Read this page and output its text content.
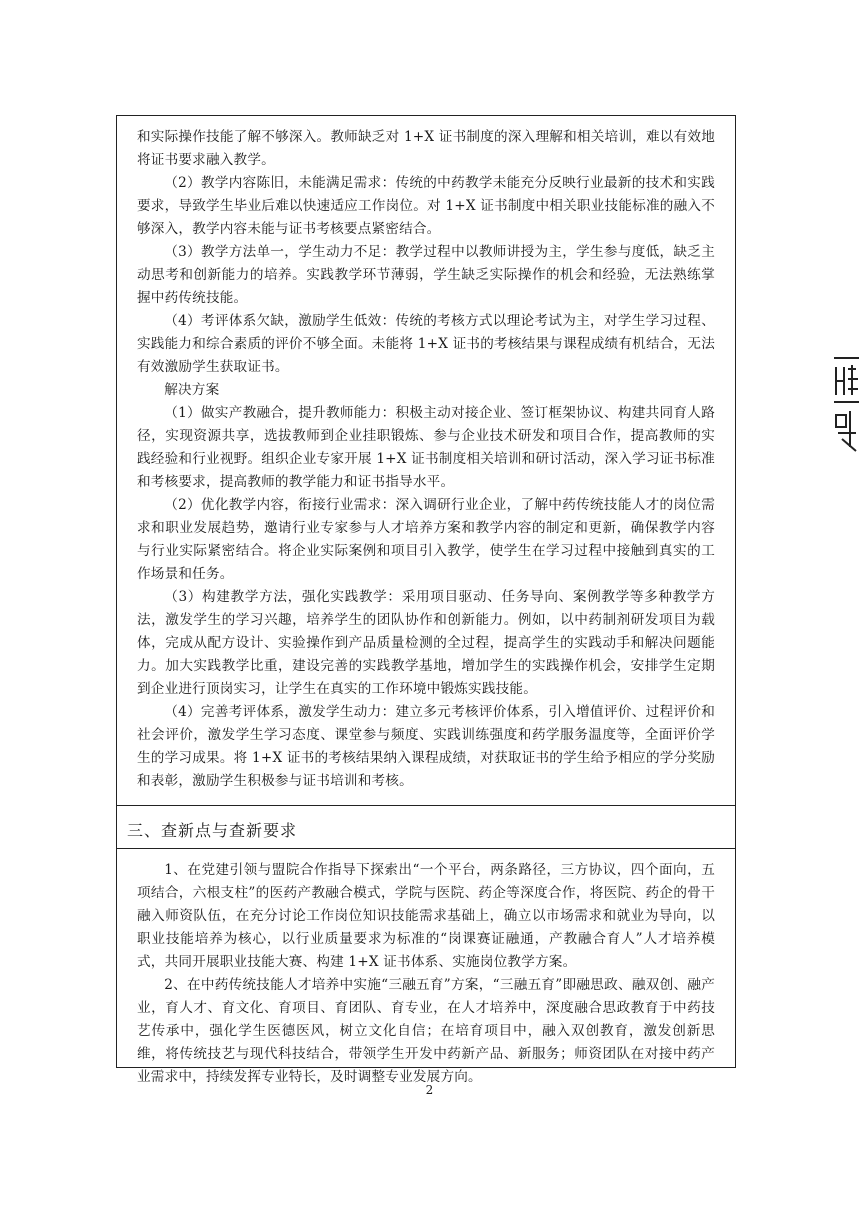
和实际操作技能了解不够深入。教师缺乏对 1+X 证书制度的深入理解和相关培训，难以有效地将证书要求融入教学。

（2）教学内容陈旧，未能满足需求：传统的中药教学未能充分反映行业最新的技术和实践要求，导致学生毕业后难以快速适应工作岗位。对 1+X 证书制度中相关职业技能标准的融入不够深入，教学内容未能与证书考核要点紧密结合。

（3）教学方法单一，学生动力不足：教学过程中以教师讲授为主，学生参与度低，缺乏主动思考和创新能力的培养。实践教学环节薄弱，学生缺乏实际操作的机会和经验，无法熟练掌握中药传统技能。

（4）考评体系欠缺，激励学生低效：传统的考核方式以理论考试为主，对学生学习过程、实践能力和综合素质的评价不够全面。未能将 1+X 证书的考核结果与课程成绩有机结合，无法有效激励学生获取证书。

解决方案

（1）做实产教融合，提升教师能力：积极主动对接企业、签订框架协议、构建共同育人路径，实现资源共享，选拔教师到企业挂职锻炼、参与企业技术研发和项目合作，提高教师的实践经验和行业视野。组织企业专家开展 1+X 证书制度相关培训和研讨活动，深入学习证书标准和考核要求，提高教师的教学能力和证书指导水平。

（2）优化教学内容，衔接行业需求：深入调研行业企业，了解中药传统技能人才的岗位需求和职业发展趋势，邀请行业专家参与人才培养方案和教学内容的制定和更新，确保教学内容与行业实际紧密结合。将企业实际案例和项目引入教学，使学生在学习过程中接触到真实的工作场景和任务。

（3）构建教学方法，强化实践教学：采用项目驱动、任务导向、案例教学等多种教学方法，激发学生的学习兴趣，培养学生的团队协作和创新能力。例如，以中药制剂研发项目为载体，完成从配方设计、实验操作到产品质量检测的全过程，提高学生的实践动手和解决问题能力。加大实践教学比重，建设完善的实践教学基地，增加学生的实践操作机会，安排学生定期到企业进行顶岗实习，让学生在真实的工作环境中锻炼实践技能。

（4）完善考评体系，激发学生动力：建立多元考核评价体系，引入增值评价、过程评价和社会评价，激发学生学习态度、课堂参与频度、实践训练强度和药学服务温度等，全面评价学生的学习成果。将 1+X 证书的考核结果纳入课程成绩，对获取证书的学生给予相应的学分奖励和表彰，激励学生积极参与证书培训和考核。

三、查新点与查新要求

1、在党建引领与盟院合作指导下探索出“一个平台，两条路径，三方协议，四个面向，五项结合，六根支柱”的医药产教融合模式，学院与医院、药企等深度合作，将医院、药企的骨干融入师资队伍，在充分讨论工作岗位知识技能需求基础上，确立以市场需求和就业为导向，以职业技能培养为核心，以行业质量要求为标准的“岗课赛证融通，产教融合育人”人才培养模式，共同开展职业技能大赛、构建 1+X 证书体系、实施岗位教学方案。

2、在中药传统技能人才培养中实施“三融五育”方案，“三融五育”即融思政、融双创、融产业，育人才、育文化、育项目、育团队、育专业，在人才培养中，深度融合思政教育于中药技艺传承中，强化学生医德医风，树立文化自信；在培育项目中，融入双创教育，激发创新思维，将传统技艺与现代科技结合，带领学生开发中药新产品、新服务；师资团队在对接中药产业需求中，持续发挥专业特长，及时调整专业发展方向。

2
